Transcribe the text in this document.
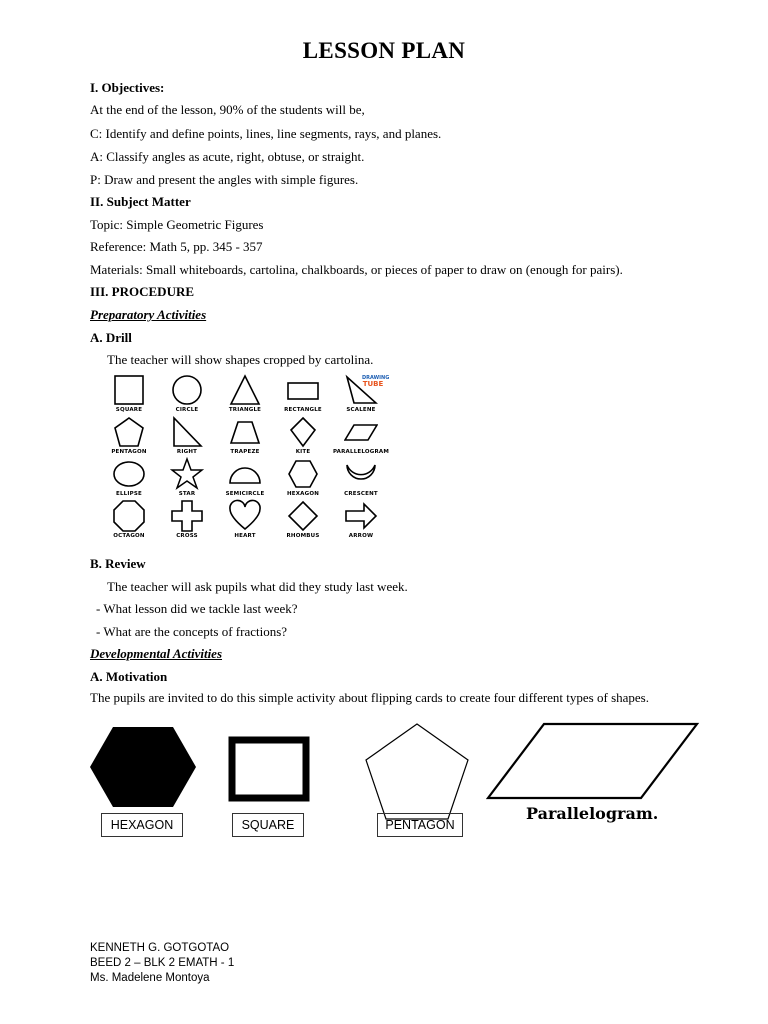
LESSON PLAN
I. Objectives:
At the end of the lesson, 90% of the students will be,
C: Identify and define points, lines, line segments, rays, and planes.
A: Classify angles as acute, right, obtuse, or straight.
P: Draw and present the angles with simple figures.
II. Subject Matter
Topic: Simple Geometric Figures
Reference: Math 5, pp. 345 - 357
Materials: Small whiteboards, cartolina, chalkboards, or pieces of paper to draw on (enough for pairs).
III. PROCEDURE
Preparatory Activities
A. Drill
The teacher will show shapes cropped by cartolina.
DRAWING
TUBE
SQUARE	CIRCLE	TRIANGLE	RECTANGLE	SCALENE
PENTAGON	RIGHT	TRAPEZE	KITE	PARALLELOGRAM
ELLIPSE	STAR	SEMICIRCLE	HEXAGON	CRESCENT
OCTAGON	CROSS	HEART	RHOMBUS	ARROW
B. Review
The teacher will ask pupils what did they study last week.
- What lesson did we tackle last week?
- What are the concepts of fractions?
Developmental Activities
A. Motivation
The pupils are invited to do this simple activity about flipping cards to create four different types of shapes.
Parallelogram.
HEXAGON	SQUARE	PENTAGON
KENNETH G. GOTGOTAO
BEED 2 – BLK 2 EMATH - 1
Ms. Madelene Montoya
